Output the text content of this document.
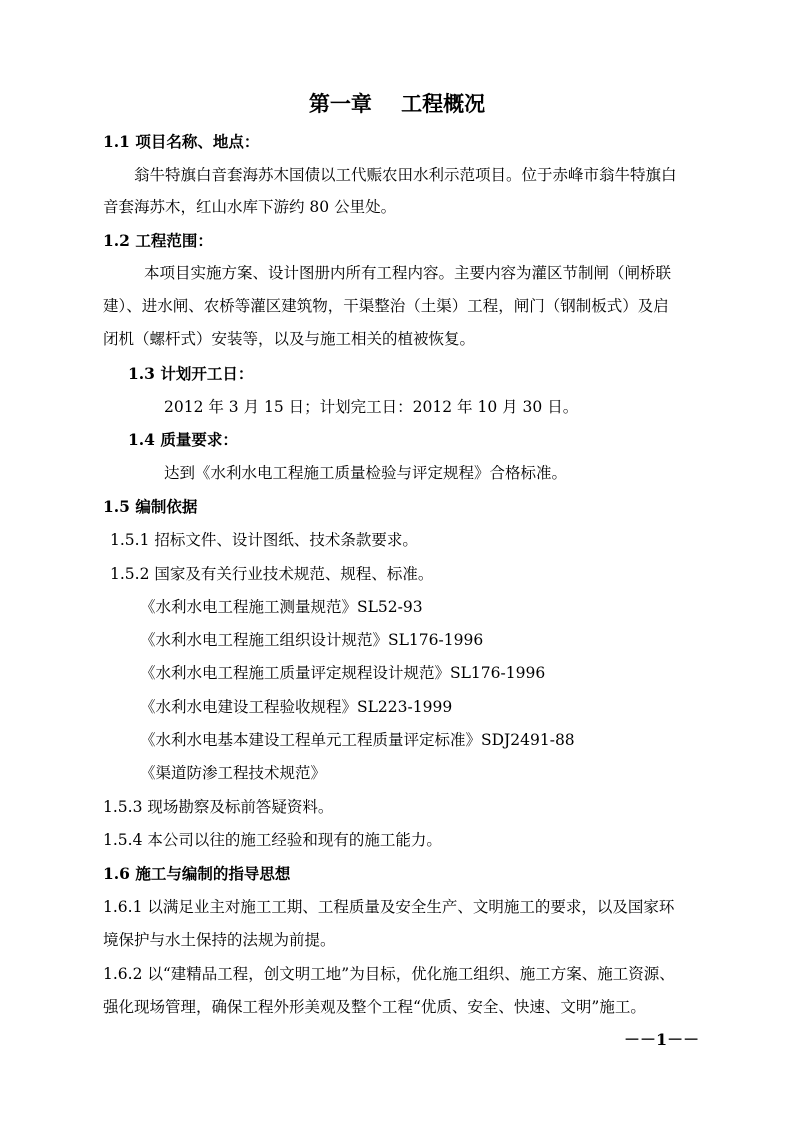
第一章    工程概况
1.1 项目名称、地点：
翁牛特旗白音套海苏木国债以工代赈农田水利示范项目。位于赤峰市翁牛特旗白
音套海苏木，红山水库下游约 80 公里处。
1.2 工程范围：
本项目实施方案、设计图册内所有工程内容。主要内容为灌区节制闸（闸桥联
建）、进水闸、农桥等灌区建筑物，干渠整治（土渠）工程，闸门（钢制板式）及启
闭机（螺杆式）安装等，以及与施工相关的植被恢复。
1.3 计划开工日：
2012 年 3 月 15 日；计划完工日：2012 年 10 月 30 日。
1.4 质量要求：
达到《水利水电工程施工质量检验与评定规程》合格标准。
1.5 编制依据
1.5.1 招标文件、设计图纸、技术条款要求。
1.5.2 国家及有关行业技术规范、规程、标准。
《水利水电工程施工测量规范》SL52-93
《水利水电工程施工组织设计规范》SL176-1996
《水利水电工程施工质量评定规程设计规范》SL176-1996
《水利水电建设工程验收规程》SL223-1999
《水利水电基本建设工程单元工程质量评定标准》SDJ2491-88
《渠道防渗工程技术规范》
1.5.3 现场勘察及标前答疑资料。
1.5.4 本公司以往的施工经验和现有的施工能力。
1.6 施工与编制的指导思想
1.6.1 以满足业主对施工工期、工程质量及安全生产、文明施工的要求，以及国家环
境保护与水土保持的法规为前提。
1.6.2 以“建精品工程，创文明工地”为目标，优化施工组织、施工方案、施工资源、
强化现场管理，确保工程外形美观及整个工程“优质、安全、快速、文明”施工。
－－1－－
